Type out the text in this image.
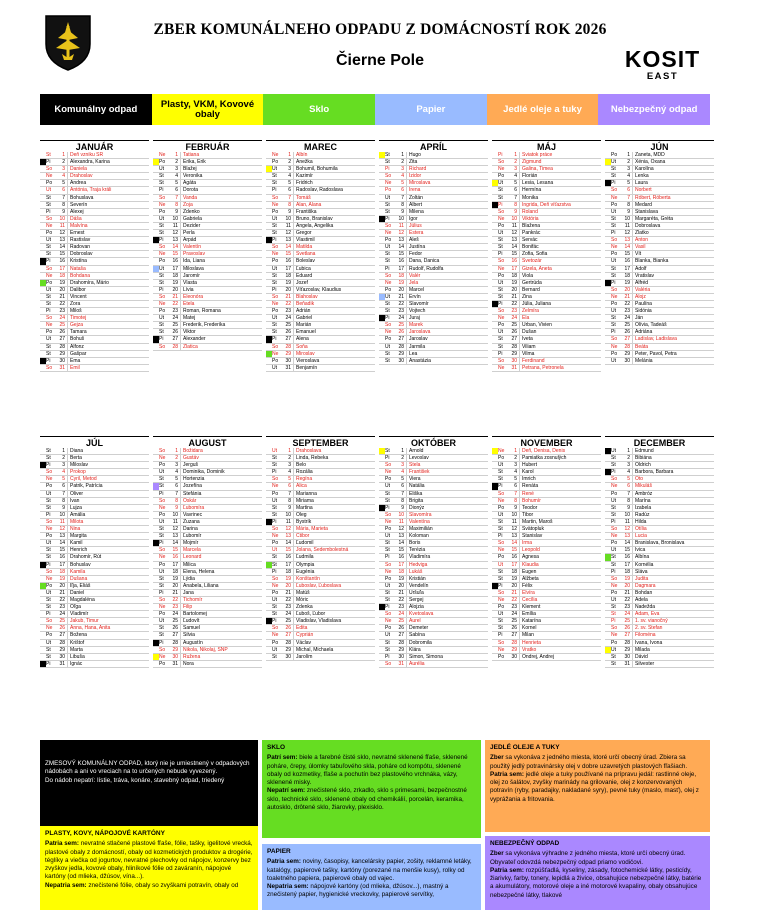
ZBER KOMUNÁLNEHO ODPADU Z DOMÁCNOSTÍ ROK 2026
Čierne Pole	KOSIT
EAST
Komunálny odpad	Plasty, VKM, Kovové obaly	Sklo	Papier	Jedlé oleje a tuky	Nebezpečný odpad
JANUÁR
Št	1	Deň vzniku SR
Pi	2	Alexandra, Karina
So	3	Daniela
Ne	4	Drahoslav
Po	5	Andrea
Ut	6	Antónia, Traja králi
St	7	Bohuslava
Št	8	Severín
Pi	9	Alexej
So	10	Dáša
Ne	11	Malvína
Po	12	Ernest
Ut	13	Rastislav
St	14	Radovan
Št	15	Dobroslav
Pi	16	Kristína
So	17	Nataša
Ne	18	Bohdana
Po	19	Drahomíra, Mário
Ut	20	Dalibor
St	21	Vincent
Št	22	Zora
Pi	23	Miloš
So	24	Timotej
Ne	25	Gejza
Po	26	Tamara
Ut	27	Bohuš
St	28	Alfonz
Št	29	Gašpar
Pi	30	Ema
So	31	Emil
FEBRUÁR
Ne	1	Tatiana
Po	2	Erika, Erik
Ut	3	Blažej
St	4	Veronika
Št	5	Agáta
Pi	6	Dorota
So	7	Vanda
Ne	8	Zoja
Po	9	Zdenko
Ut	10	Gabriela
St	11	Dezider
Št	12	Perla
Pi	13	Arpád
So	14	Valentín
Ne	15	Pravoslav
Po	16	Ida, Liana
Ut	17	Miloslava
St	18	Jaromír
Št	19	Vlasta
Pi	20	Lívia
So	21	Eleonóra
Ne	22	Etela
Po	23	Roman, Romana
Ut	24	Matej
St	25	Frederik, Frederika
Št	26	Viktor
Pi	27	Alexander
So	28	Zlatica
MAREC
Ne	1	Albín
Po	2	Anežka
Ut	3	Bohumil, Bohumila
St	4	Kazimír
Št	5	Fridrich
Pi	6	Radoslav, Radoslava
So	7	Tomáš
Ne	8	Alan, Alana
Po	9	Františka
Ut	10	Bruno, Branislav
St	11	Angela, Angelika
Št	12	Gregor
Pi	13	Vlastimil
So	14	Matilda
Ne	15	Svetlana
Po	16	Boleslav
Ut	17	Ľubica
St	18	Eduard
Št	19	Jozef
Pi	20	Víťazoslav, Klaudius
So	21	Blahoslav
Ne	22	Beňadik
Po	23	Adrián
Ut	24	Gabriel
St	25	Marián
Št	26	Emanuel
Pi	27	Alena
So	28	Soňa
Ne	29	Miroslav
Po	30	Vieroslava
Ut	31	Benjamín
APRÍL
St	1	Hugo
Št	2	Zita
Pi	3	Richard
So	4	Izidor
Ne	5	Miroslava
Po	6	Irena
Ut	7	Zoltán
St	8	Albert
Št	9	Milena
Pi	10	Igor
So	11	Július
Ne	12	Estera
Po	13	Aleš
Ut	14	Justína
St	15	Fedor
Št	16	Dana, Danica
Pi	17	Rudolf, Rudolfa
So	18	Valér
Ne	19	Jela
Po	20	Marcel
Ut	21	Ervín
St	22	Slavomír
Št	23	Vojtech
Pi	24	Juraj
So	25	Marek
Ne	26	Jaroslava
Po	27	Jaroslav
Ut	28	Jarmila
St	29	Lea
Št	30	Anastázia
MÁJ
Pi	1	Sviatok práce
So	2	Žigmund
Ne	3	Galina, Timea
Po	4	Florián
Ut	5	Lesia, Lesana
St	6	Hermína
Št	7	Monika
Pi	8	Ingrida, Deň víťazstva
So	9	Roland
Ne	10	Viktória
Po	11	Blažena
Ut	12	Pankrác
St	13	Servác
Št	14	Bonifác
Pi	15	Žofia, Sofia
So	16	Svetozár
Ne	17	Gizela, Aneta
Po	18	Viola
Ut	19	Gertrúda
St	20	Bernard
Št	21	Zina
Pi	22	Júlia, Juliana
So	23	Želmíra
Ne	24	Ela
Po	25	Urban, Vivien
Ut	26	Dušan
St	27	Iveta
Št	28	Viliam
Pi	29	Vilma
So	30	Ferdinand
Ne	31	Petrana, Petronela
JÚN
Po	1	Žaneta, MDD
Ut	2	Xénia, Oxana
St	3	Karolína
Št	4	Lenka
Pi	5	Laura
So	6	Norbert
Ne	7	Róbert, Róberta
Po	8	Medard
Ut	9	Stanislava
St	10	Margaréta, Gréta
Št	11	Dobroslava
Pi	12	Zlatko
So	13	Anton
Ne	14	Vasil
Po	15	Vít
Ut	16	Blanka, Bianka
St	17	Adolf
Št	18	Vratislav
Pi	19	Alfréd
So	20	Valéria
Ne	21	Alojz
Po	22	Paulína
Ut	23	Sidónia
St	24	Ján
Št	25	Olívia, Tadeáš
Pi	26	Adriána
So	27	Ladislav, Ladislava
Ne	28	Beáta
Po	29	Peter, Pavol, Petra
Ut	30	Melánia
JÚL
St	1	Diana
Št	2	Berta
Pi	3	Miloslav
So	4	Prokop
Ne	5	Cyril, Metod
Po	6	Patrik, Patrícia
Ut	7	Oliver
St	8	Ivan
Št	9	Lujza
Pi	10	Amália
So	11	Milota
Ne	12	Nina
Po	13	Margita
Ut	14	Kamil
St	15	Henrich
Št	16	Drahomír, Rút
Pi	17	Bohuslav
So	18	Kamila
Ne	19	Dušana
Po	20	Iľja, Eliáš
Ut	21	Daniel
St	22	Magdaléna
Št	23	Oľga
Pi	24	Vladimír
So	25	Jakub, Timur
Ne	26	Anna, Hana, Anita
Po	27	Božena
Ut	28	Krištof
St	29	Marta
Št	30	Libuša
Pi	31	Ignác
AUGUST
So	1	Božidara
Ne	2	Gustáv
Po	3	Jerguš
Ut	4	Dominika, Dominik
St	5	Hortenzia
Št	6	Jozefína
Pi	7	Štefánia
So	8	Oskár
Ne	9	Ľubomíra
Po	10	Vavrinec
Ut	11	Zuzana
St	12	Darina
Št	13	Ľubomír
Pi	14	Mojmír
So	15	Marcela
Ne	16	Leonard
Po	17	Milica
Ut	18	Elena, Helena
St	19	Lýdia
Št	20	Anabela, Liliana
Pi	21	Jana
So	22	Tichomír
Ne	23	Filip
Po	24	Bartolomej
Ut	25	Ľudovít
St	26	Samuel
Št	27	Silvia
Pi	28	Augustín
So	29	Nikola, Nikolaj, SNP
Ne	30	Ružena
Po	31	Nora
SEPTEMBER
Ut	1	Drahoslava
St	2	Linda, Rebeka
Št	3	Belo
Pi	4	Rozália
So	5	Regína
Ne	6	Alica
Po	7	Marianna
Ut	8	Miriama
St	9	Martina
Št	10	Oleg
Pi	11	Bystrík
So	12	Mária, Marieta
Ne	13	Ctibor
Po	14	Ľudomil
Ut	15	Jolana, Sedembolestná
St	16	Ľudmila
Št	17	Olympia
Pi	18	Eugénia
So	19	Konštantín
Ne	20	Ľuboslav, Ľuboslava
Po	21	Matúš
Ut	22	Móric
St	23	Zdenka
Št	24	Ľuboš, Ľubor
Pi	25	Vladislav, Vladislava
So	26	Edita
Ne	27	Cyprián
Po	28	Václav
Ut	29	Michal, Michaela
St	30	Jarolím
OKTÓBER
Št	1	Arnold
Pi	2	Levoslav
So	3	Stela
Ne	4	František
Po	5	Viera
Ut	6	Natália
St	7	Eliška
Št	8	Brigita
Pi	9	Dionýz
So	10	Slavomíra
Ne	11	Valentína
Po	12	Maximilián
Ut	13	Koloman
St	14	Boris
Št	15	Terézia
Pi	16	Vladimíra
So	17	Hedviga
Ne	18	Lukáš
Po	19	Kristián
Ut	20	Vendelín
St	21	Uršuľa
Št	22	Sergej
Pi	23	Alojzia
So	24	Kvetoslava
Ne	25	Aurel
Po	26	Demeter
Ut	27	Sabína
St	28	Dobromila
Št	29	Klára
Pi	30	Šimon, Simona
So	31	Aurélia
NOVEMBER
Ne	1	Deň, Denisa, Denis
Po	2	Pamiatka zosnulých
Ut	3	Hubert
St	4	Karol
Št	5	Imrich
Pi	6	Renáta
So	7	René
Ne	8	Bohumír
Po	9	Teodor
Ut	10	Tibor
St	11	Martin, Maroš
Št	12	Svätopluk
Pi	13	Stanislav
So	14	Irma
Ne	15	Leopold
Po	16	Agnesa
Ut	17	Klaudia
St	18	Eugen
Št	19	Alžbeta
Pi	20	Félix
So	21	Elvíra
Ne	22	Cecília
Po	23	Klement
Ut	24	Emília
St	25	Katarína
Št	26	Kornel
Pi	27	Milan
So	28	Henrieta
Ne	29	Vratko
Po	30	Ondrej, Andrej
DECEMBER
Ut	1	Edmund
St	2	Bibiána
Št	3	Oldrich
Pi	4	Barbora, Barbara
So	5	Oto
Ne	6	Mikuláš
Po	7	Ambróz
Ut	8	Marína
St	9	Izabela
Št	10	Radúz
Pi	11	Hilda
So	12	Otília
Ne	13	Lucia
Po	14	Branislava, Bronislava
Ut	15	Ivica
St	16	Albína
Št	17	Kornélia
Pi	18	Sláva
So	19	Judita
Ne	20	Dagmara
Po	21	Bohdan
Ut	22	Adela
St	23	Nadežda
Št	24	Adam, Eva
Pi	25	1. sv. vianočný
So	26	2. sv. Štefan
Ne	27	Filoména
Po	28	Ivana, Ivona
Ut	29	Milada
St	30	Dávid
Št	31	Silvester
ZMESOVÝ KOMUNÁLNY ODPAD, ktorý nie je umiestnený v odpadových nádobách a ani vo vreciach na to určených nebude vyvezený.
Do nádob nepatrí: lístie, tráva, konáre, stavebný odpad, triedený
PLASTY, KOVY, NÁPOJOVÉ KARTÓNY
Patria sem: nevratné stlačené plastové fľaše, fólie, tašky, igelitové vrecká, plastové obaly z domácností, obaly od kozmetických produktov a drogérie, téglíky a viečka od jogurtov, nevratné plechovky od nápojov, konzervy bez zvyškov jedla, kovové obaly, hliníkové fólie od zaváranín, nápojové kartóny (od mlieka, džúsov, vína...).
Nepatria sem: znečistené fólie, obaly so zvyškami potravín, obaly od
SKLO
Patrí sem: biele a farebné čisté sklo, nevratné sklenené fľaše, sklenené poháre, črepy, úlomky tabuľového skla, poháre od kompótu, sklenené obaly od kozmetiky, fľaše a pochutín bez plastového vrchnáka, vázy, sklenené misky.
Nepatrí sem: znečistené sklo, zrkadlo, sklo s primesami, bezpečnostné sklo, technické sklo, sklenené obaly od chemikálií, porcelán, keramika, autosklo, drôtené sklo, žiarovky, plexisklo.
PAPIER
Patria sem: noviny, časopisy, kancelársky papier, zošity, reklamné letáky, katalógy, papierové tašky, kartóny (porezané na menšie kusy), rolky od toaletného papiera, papierové obaly od vajec.
Nepatria sem: nápojové kartóny (od mlieka, džúsov...), mastný a znečistený papier, hygienické vreckovky, papierové servítky,
JEDLÉ OLEJE A TUKY
Zber sa vykonáva z jedného miesta, ktoré určí obecný úrad. Zbiera sa použitý jedlý potravinársky olej v dobre uzavretých plastových fľašiach.
Patria sem: jedlé oleje a tuky používané na prípravu jedál: rastlinné oleje, olej zo šalátov, zvyšky marinády na grilovanie, olej z konzervovaných potravín (ryby, paradajky, nakladané syry), pevné tuky (maslo, masť), olej z vyprážania a fritovania.
NEBEZPEČNÝ ODPAD
Zber sa vykonáva výhradne z jedného miesta, ktoré určí obecný úrad. Obyvateľ odovzdá nebezpečný odpad priamo vodičovi.
Patria sem: rozpúšťadlá, kyseliny, zásady, fotochemické látky, pesticídy, žiarivky, farby, tonery, lepidlá a živice, obsahujúce nebezpečné látky, batérie a akumulátory, motorové oleje a iné motorové kvapaliny, obaly obsahujúce nebezpečné látky, tlakové
